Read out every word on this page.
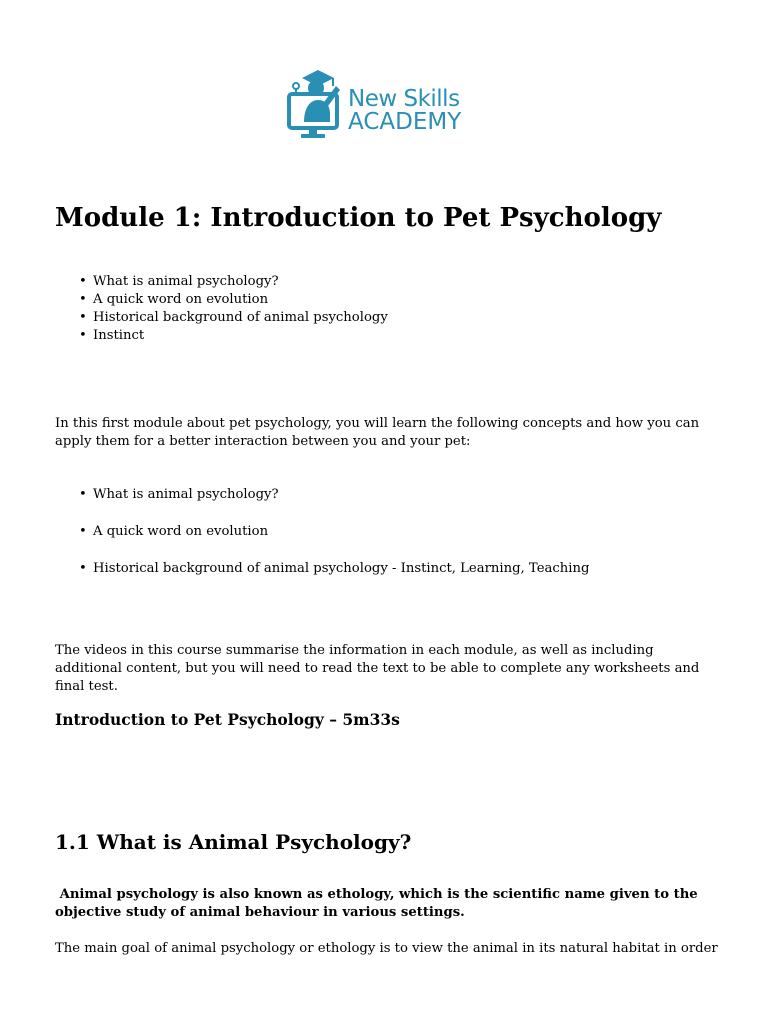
New Skills
ACADEMY
Module 1: Introduction to Pet Psychology
• What is animal psychology?
• A quick word on evolution
• Historical background of animal psychology
• Instinct

In this first module about pet psychology, you will learn the following concepts and how you can apply them for a better interaction between you and your pet:

• What is animal psychology?
• A quick word on evolution
• Historical background of animal psychology - Instinct, Learning, Teaching

The videos in this course summarise the information in each module, as well as including additional content, but you will need to read the text to be able to complete any worksheets and final test.

Introduction to Pet Psychology – 5m33s
1.1 What is Animal Psychology?

Animal psychology is also known as ethology, which is the scientific name given to the objective study of animal behaviour in various settings.

The main goal of animal psychology or ethology is to view the animal in its natural habitat in order
